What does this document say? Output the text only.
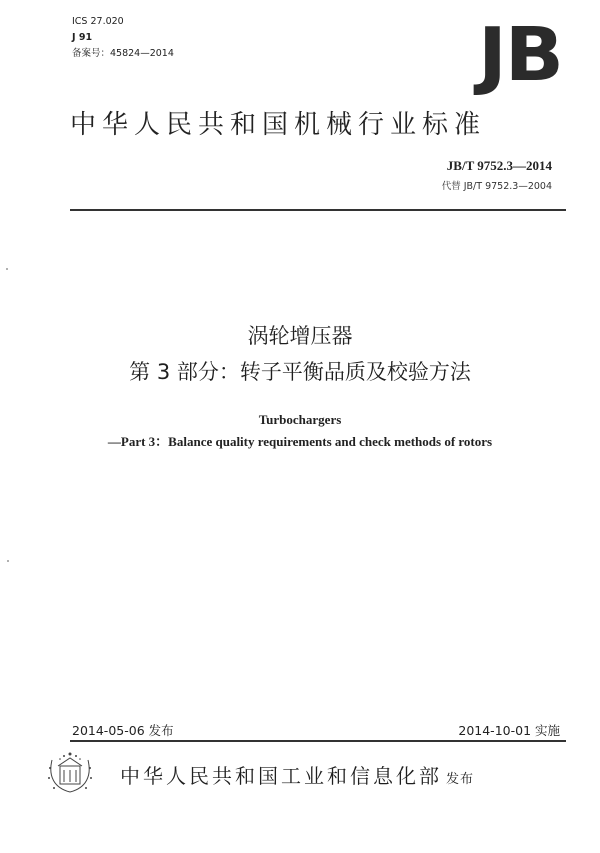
ICS 27.020
J 91
备案号：45824—2014	JB
中华人民共和国机械行业标准
JB/T 9752.3—2014
代替 JB/T 9752.3—2004
涡轮增压器
第 3 部分：转子平衡品质及校验方法
Turbochargers
—Part 3：Balance quality requirements and check methods of rotors
2014-05-06 发布	2014-10-01 实施
中华人民共和国工业和信息化部 发布
